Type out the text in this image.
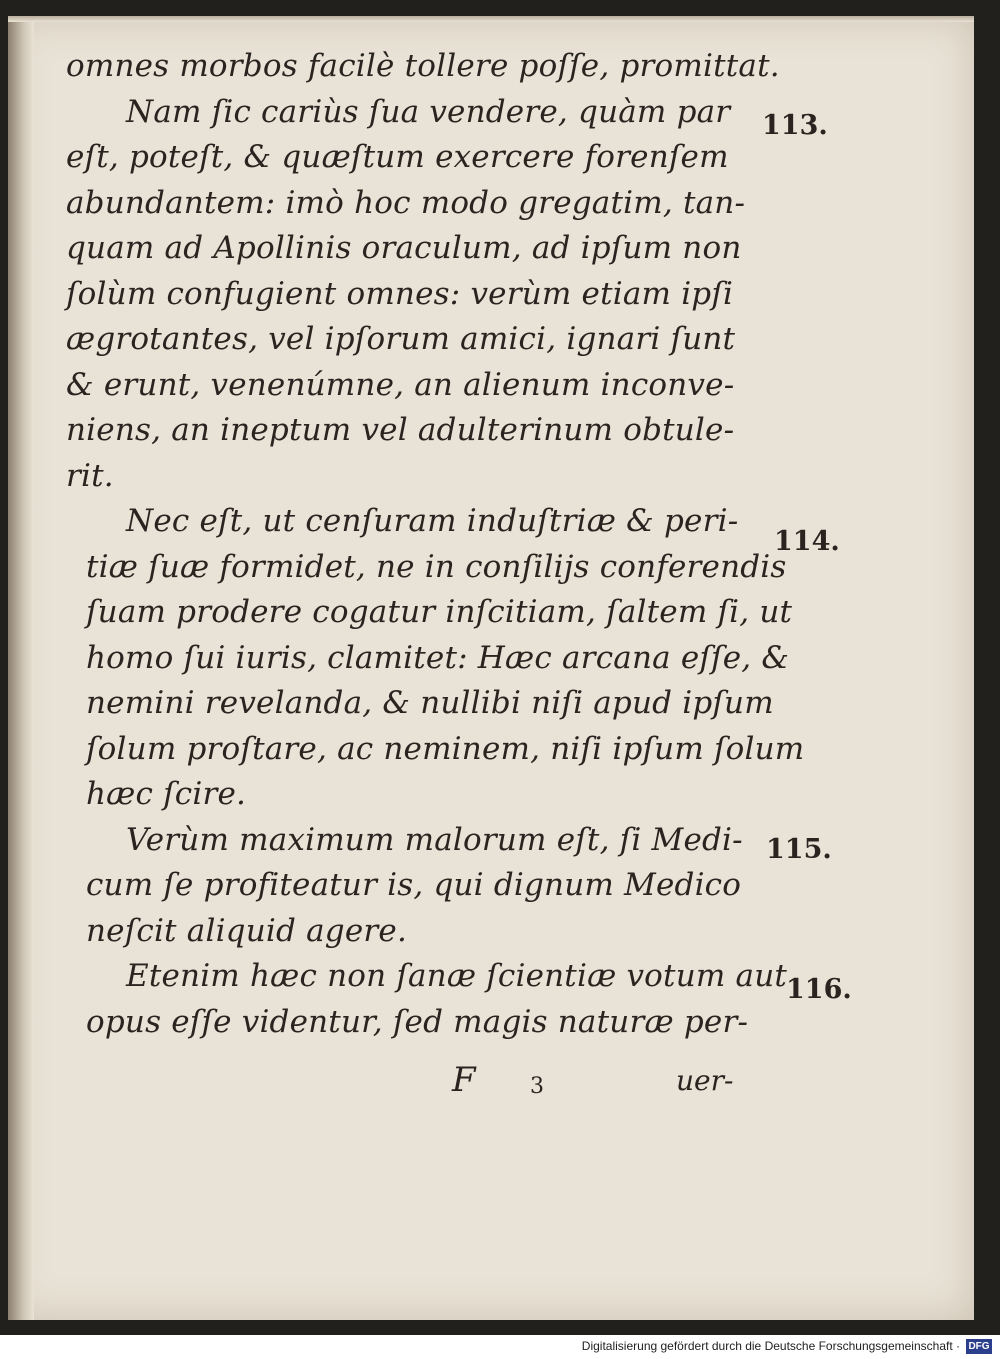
omnes morbos facilè tollere poſſe, promittat.
Nam ſic cariùs ſua vendere, quàm par
eſt, poteſt, & quæſtum exercere forenſem
abundantem: imò hoc modo gregatim, tan-
quam ad Apollinis oraculum, ad ipſum non
ſolùm confugient omnes: verùm etiam ipſi
ægrotantes, vel ipſorum amici, ignari ſunt
& erunt, venenúmne, an alienum inconve-
niens, an ineptum vel adulterinum obtule-
rit.
Nec eſt, ut cenſuram induſtriæ & peri-
tiæ ſuæ formidet, ne in conſilijs conferendis
ſuam prodere cogatur inſcitiam, ſaltem ſi, ut
homo ſui iuris, clamitet: Hæc arcana eſſe, &
nemini revelanda, & nullibi niſi apud ipſum
ſolum proſtare, ac neminem, niſi ipſum ſolum
hæc ſcire.
Verùm maximum malorum eſt, ſi Medi-
cum ſe profiteatur is, qui dignum Medico
neſcit aliquid agere.
Etenim hæc non ſanæ ſcientiæ votum aut
opus eſſe videntur, ſed magis naturæ per-
113.
114.
115.
116.
F 3	uer-
Digitalisierung gefördert durch die Deutsche Forschungsgemeinschaft · DFG
